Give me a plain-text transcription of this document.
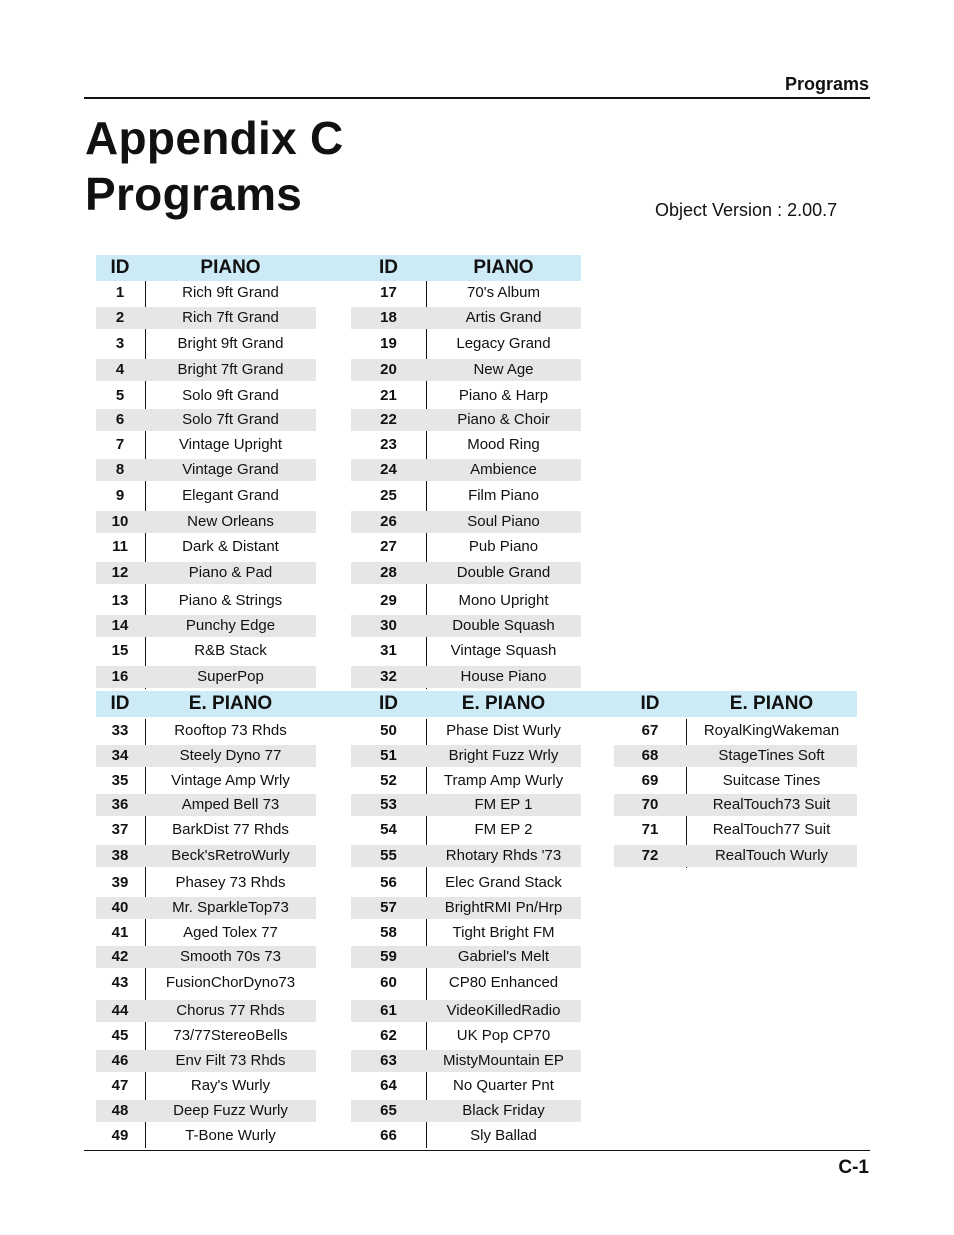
Programs
Appendix C
Programs	Object Version : 2.00.7
ID	PIANO
1	Rich 9ft Grand
2	Rich 7ft Grand
3	Bright 9ft Grand
4	Bright 7ft Grand
5	Solo 9ft Grand
6	Solo 7ft Grand
7	Vintage Upright
8	Vintage Grand
9	Elegant Grand
10	New Orleans
11	Dark & Distant
12	Piano & Pad
13	Piano & Strings
14	Punchy Edge
15	R&B Stack
16	SuperPop
ID	PIANO
17	70's Album
18	Artis Grand
19	Legacy Grand
20	New Age
21	Piano & Harp
22	Piano & Choir
23	Mood Ring
24	Ambience
25	Film Piano
26	Soul Piano
27	Pub Piano
28	Double Grand
29	Mono Upright
30	Double Squash
31	Vintage Squash
32	House Piano
ID	E. PIANO
33	Rooftop 73 Rhds
34	Steely Dyno 77
35	Vintage Amp Wrly
36	Amped Bell 73
37	BarkDist 77 Rhds
38	Beck'sRetroWurly
39	Phasey 73 Rhds
40	Mr. SparkleTop73
41	Aged Tolex 77
42	Smooth 70s 73
43	FusionChorDyno73
44	Chorus 77 Rhds
45	73/77StereoBells
46	Env Filt 73 Rhds
47	Ray's Wurly
48	Deep Fuzz Wurly
49	T-Bone Wurly
ID	E. PIANO
50	Phase Dist Wurly
51	Bright Fuzz Wrly
52	Tramp Amp Wurly
53	FM EP 1
54	FM EP 2
55	Rhotary Rhds '73
56	Elec Grand Stack
57	BrightRMI Pn/Hrp
58	Tight Bright FM
59	Gabriel's Melt
60	CP80 Enhanced
61	VideoKilledRadio
62	UK Pop CP70
63	MistyMountain EP
64	No Quarter Pnt
65	Black Friday
66	Sly Ballad
ID	E. PIANO
67	RoyalKingWakeman
68	StageTines Soft
69	Suitcase Tines
70	RealTouch73 Suit
71	RealTouch77 Suit
72	RealTouch Wurly
C-1
